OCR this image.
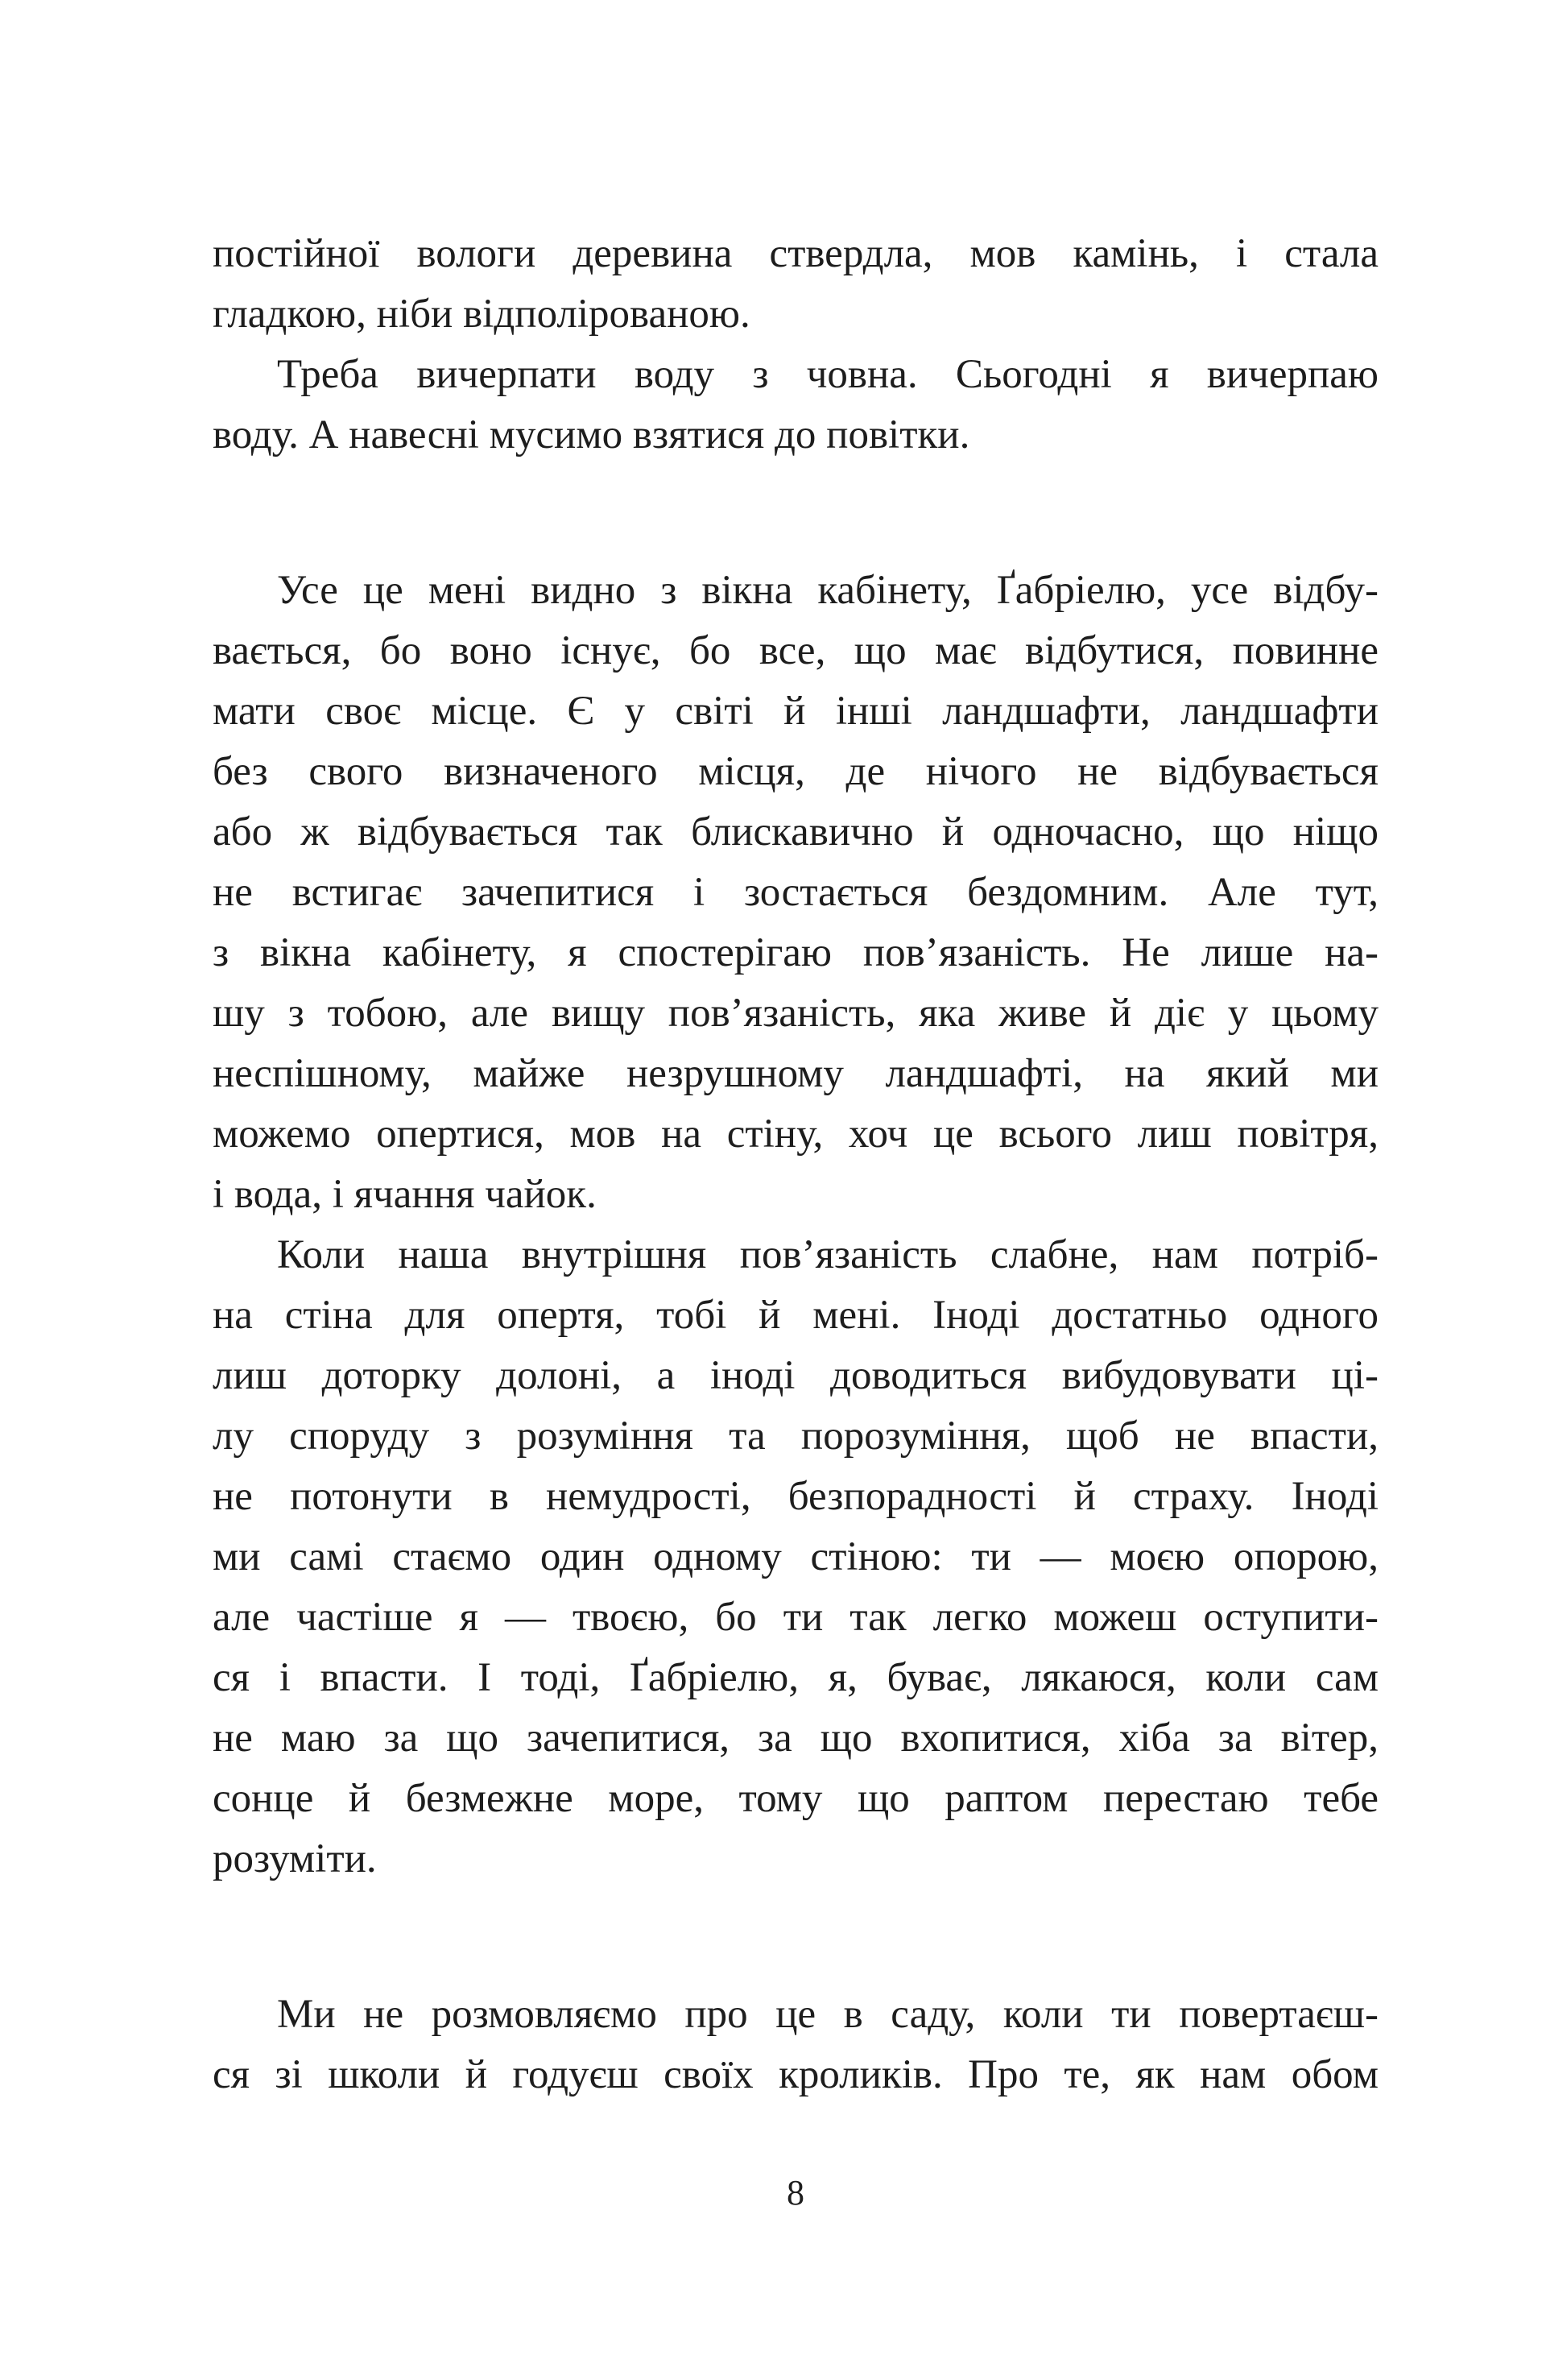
постійної вологи деревина ствердла, мов камінь, і стала
гладкою, ніби відполірованою.
Треба вичерпати воду з човна. Сьогодні я вичерпаю
воду. А навесні мусимо взятися до повітки.
Усе це мені видно з вікна кабінету, Ґабріелю, усе відбу-
вається, бо воно існує, бо все, що має відбутися, повинне
мати своє місце. Є у світі й інші ландшафти, ландшафти
без свого визначеного місця, де нічого не відбувається
або ж відбувається так блискавично й одночасно, що ніщо
не встигає зачепитися і зостається бездомним. Але тут,
з вікна кабінету, я спостерігаю пов’язаність. Не лише на-
шу з тобою, але вищу пов’язаність, яка живе й діє у цьому
неспішному, майже незрушному ландшафті, на який ми
можемо опертися, мов на стіну, хоч це всього лиш повітря,
і вода, і ячання чайок.
Коли наша внутрішня пов’язаність слабне, нам потріб-
на стіна для опертя, тобі й мені. Іноді достатньо одного
лиш доторку долоні, а іноді доводиться вибудовувати ці-
лу споруду з розуміння та порозуміння, щоб не впасти,
не потонути в немудрості, безпорадності й страху. Іноді
ми самі стаємо один одному стіною: ти — моєю опорою,
але частіше я — твоєю, бо ти так легко можеш оступити-
ся і впасти. І тоді, Ґабріелю, я, буває, лякаюся, коли сам
не маю за що зачепитися, за що вхопитися, хіба за вітер,
сонце й безмежне море, тому що раптом перестаю тебе
розуміти.
Ми не розмовляємо про це в саду, коли ти повертаєш-
ся зі школи й годуєш своїх кроликів. Про те, як нам обом
8
